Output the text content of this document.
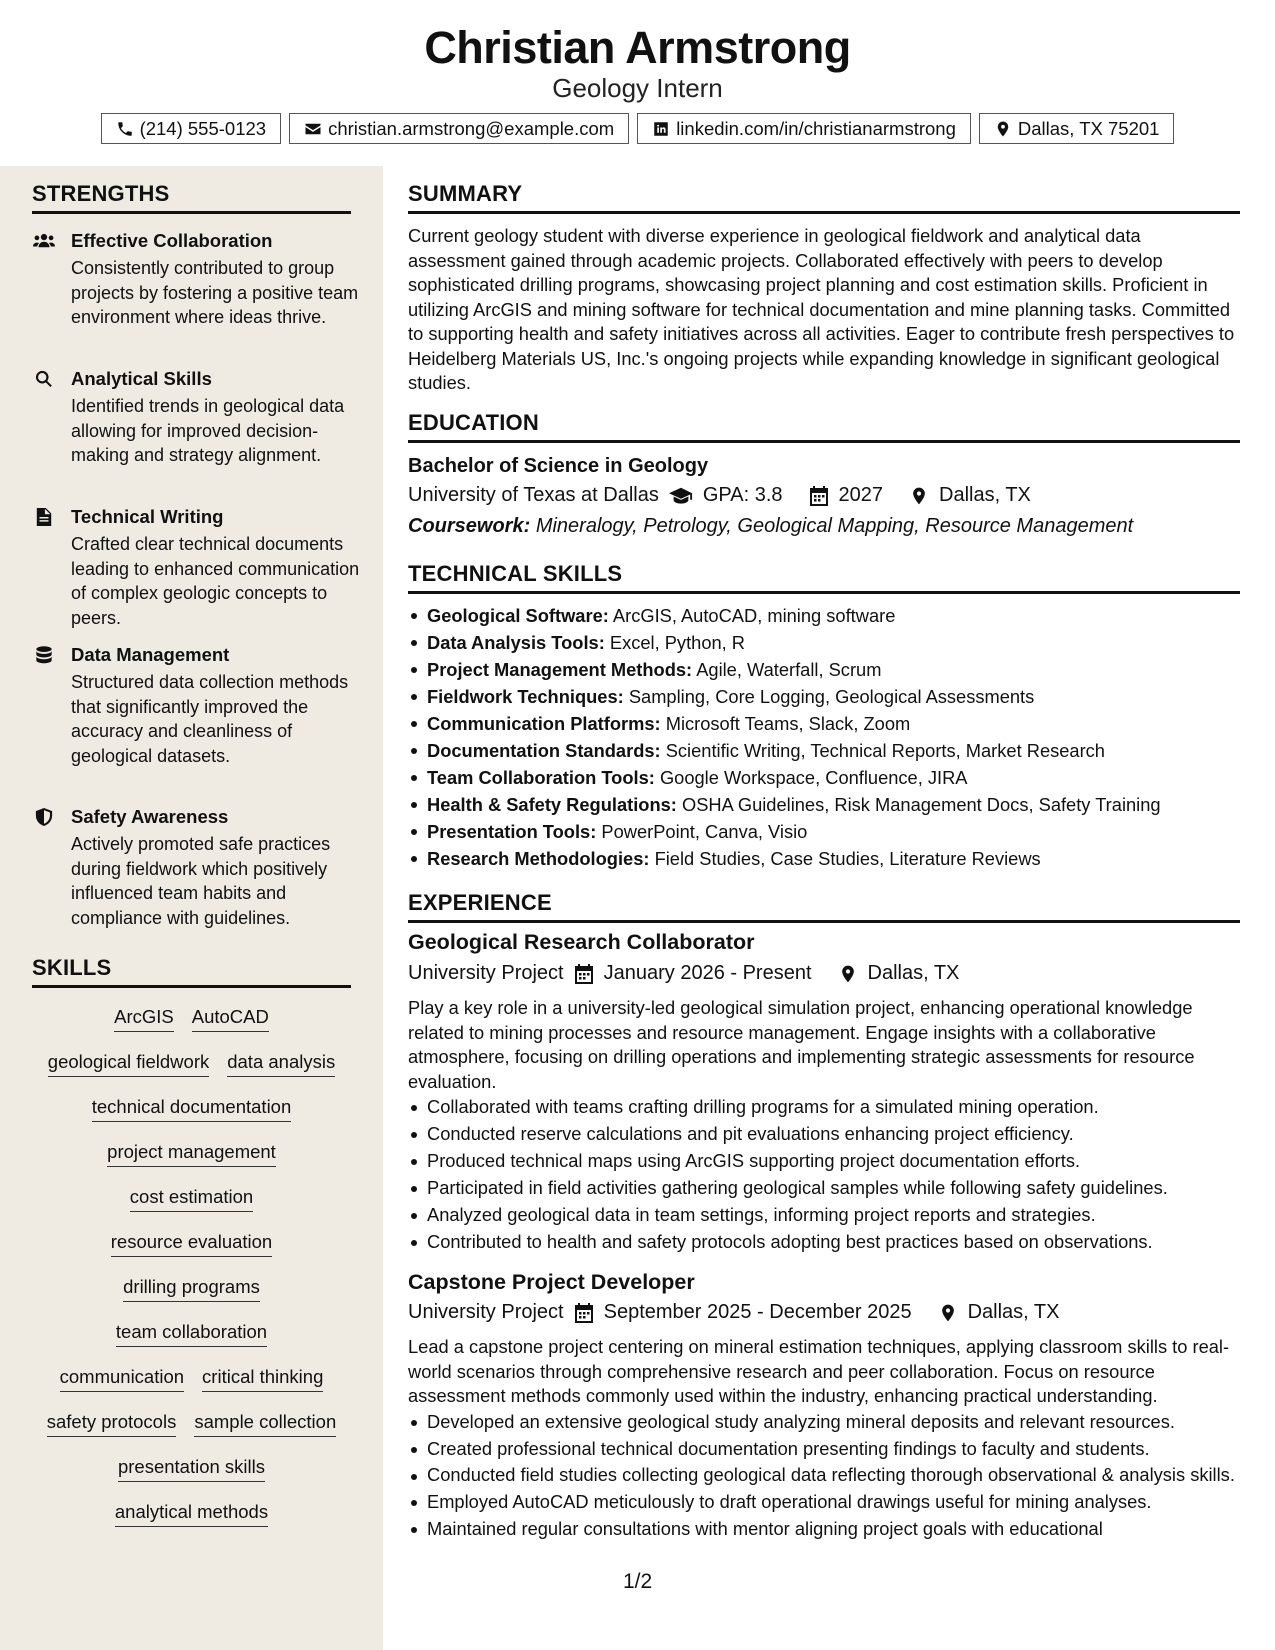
Christian Armstrong
Geology Intern
(214) 555-0123	christian.armstrong@example.com	linkedin.com/in/christianarmstrong	Dallas, TX 75201
STRENGTHS
Effective Collaboration
Consistently contributed to group projects by fostering a positive team environment where ideas thrive.
Analytical Skills
Identified trends in geological data allowing for improved decision-making and strategy alignment.
Technical Writing
Crafted clear technical documents leading to enhanced communication of complex geologic concepts to peers.
Data Management
Structured data collection methods that significantly improved the accuracy and cleanliness of geological datasets.
Safety Awareness
Actively promoted safe practices during fieldwork which positively influenced team habits and compliance with guidelines.
SKILLS
ArcGIS AutoCAD
geological fieldwork data analysis
technical documentation
project management
cost estimation
resource evaluation
drilling programs
team collaboration
communication critical thinking
safety protocols sample collection
presentation skills
analytical methods
SUMMARY
Current geology student with diverse experience in geological fieldwork and analytical data assessment gained through academic projects. Collaborated effectively with peers to develop sophisticated drilling programs, showcasing project planning and cost estimation skills. Proficient in utilizing ArcGIS and mining software for technical documentation and mine planning tasks. Committed to supporting health and safety initiatives across all activities. Eager to contribute fresh perspectives to Heidelberg Materials US, Inc.'s ongoing projects while expanding knowledge in significant geological studies.
EDUCATION
Bachelor of Science in Geology
University of Texas at Dallas GPA: 3.8	2027	Dallas, TX
Coursework: Mineralogy, Petrology, Geological Mapping, Resource Management
TECHNICAL SKILLS
Geological Software: ArcGIS, AutoCAD, mining software
Data Analysis Tools: Excel, Python, R
Project Management Methods: Agile, Waterfall, Scrum
Fieldwork Techniques: Sampling, Core Logging, Geological Assessments
Communication Platforms: Microsoft Teams, Slack, Zoom
Documentation Standards: Scientific Writing, Technical Reports, Market Research
Team Collaboration Tools: Google Workspace, Confluence, JIRA
Health & Safety Regulations: OSHA Guidelines, Risk Management Docs, Safety Training
Presentation Tools: PowerPoint, Canva, Visio
Research Methodologies: Field Studies, Case Studies, Literature Reviews
EXPERIENCE
Geological Research Collaborator
University Project January 2026 - Present	Dallas, TX
Play a key role in a university-led geological simulation project, enhancing operational knowledge related to mining processes and resource management. Engage insights with a collaborative atmosphere, focusing on drilling operations and implementing strategic assessments for resource evaluation.
Collaborated with teams crafting drilling programs for a simulated mining operation.
Conducted reserve calculations and pit evaluations enhancing project efficiency.
Produced technical maps using ArcGIS supporting project documentation efforts.
Participated in field activities gathering geological samples while following safety guidelines.
Analyzed geological data in team settings, informing project reports and strategies.
Contributed to health and safety protocols adopting best practices based on observations.
Capstone Project Developer
University Project September 2025 - December 2025	Dallas, TX
Lead a capstone project centering on mineral estimation techniques, applying classroom skills to real-world scenarios through comprehensive research and peer collaboration. Focus on resource assessment methods commonly used within the industry, enhancing practical understanding.
Developed an extensive geological study analyzing mineral deposits and relevant resources.
Created professional technical documentation presenting findings to faculty and students.
Conducted field studies collecting geological data reflecting thorough observational & analysis skills.
Employed AutoCAD meticulously to draft operational drawings useful for mining analyses.
Maintained regular consultations with mentor aligning project goals with educational
1/2
